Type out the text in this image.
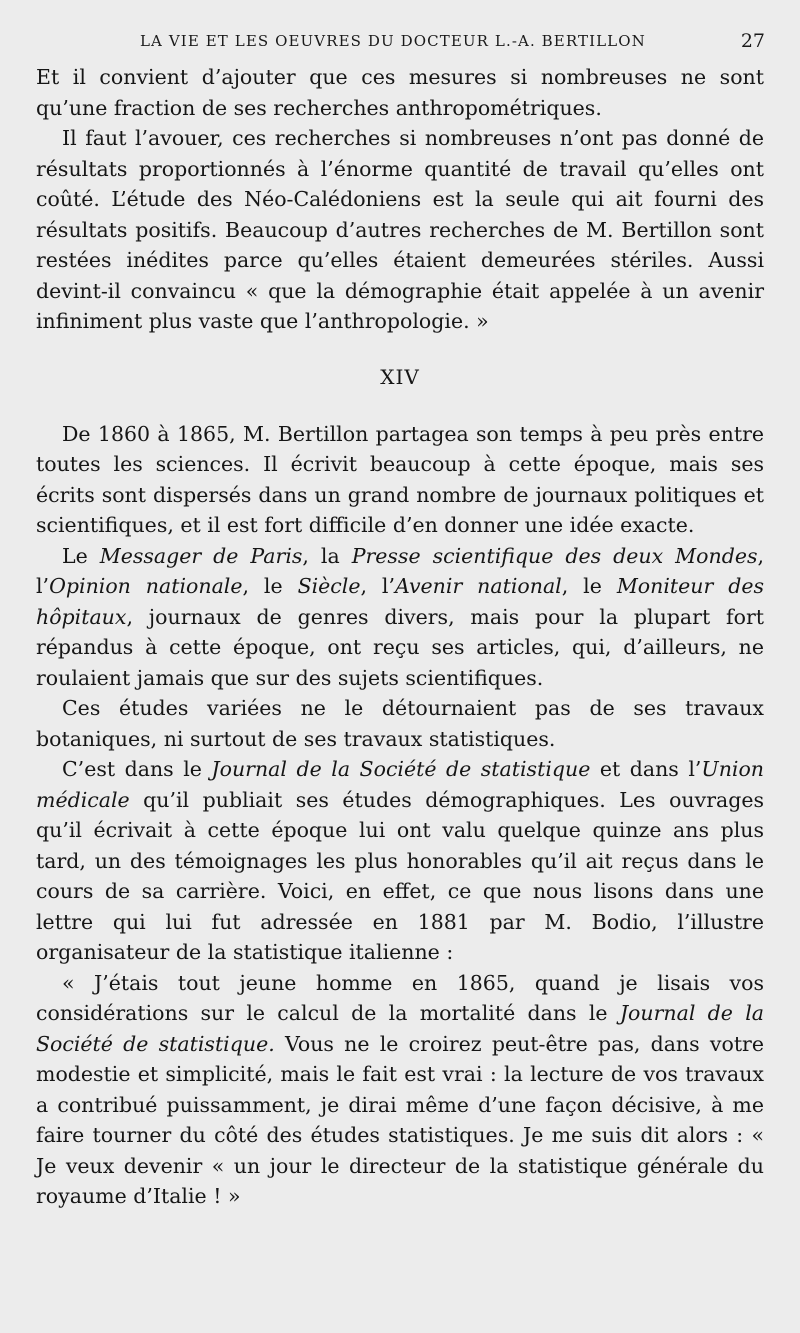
LA VIE ET LES OEUVRES DU DOCTEUR L.-A. BERTILLON	27

Et il convient d’ajouter que ces mesures si nombreuses ne sont qu’une fraction de ses recherches anthropométriques.

Il faut l’avouer, ces recherches si nombreuses n’ont pas donné de résultats proportionnés à l’énorme quantité de travail qu’elles ont coûté. L’étude des Néo-Calédoniens est la seule qui ait fourni des résultats positifs. Beaucoup d’autres recherches de M. Bertillon sont restées inédites parce qu’elles étaient demeurées stériles. Aussi devint-il convaincu « que la démographie était appelée à un avenir infiniment plus vaste que l’anthropologie. »

XIV

De 1860 à 1865, M. Bertillon partagea son temps à peu près entre toutes les sciences. Il écrivit beaucoup à cette époque, mais ses écrits sont dispersés dans un grand nombre de journaux politiques et scientifiques, et il est fort difficile d’en donner une idée exacte.

Le Messager de Paris, la Presse scientifique des deux Mondes, l’Opinion nationale, le Siècle, l’Avenir national, le Moniteur des hôpitaux, journaux de genres divers, mais pour la plupart fort répandus à cette époque, ont reçu ses articles, qui, d’ailleurs, ne roulaient jamais que sur des sujets scientifiques.

Ces études variées ne le détournaient pas de ses travaux botaniques, ni surtout de ses travaux statistiques.

C’est dans le Journal de la Société de statistique et dans l’Union médicale qu’il publiait ses études démographiques. Les ouvrages qu’il écrivait à cette époque lui ont valu quelque quinze ans plus tard, un des témoignages les plus honorables qu’il ait reçus dans le cours de sa carrière. Voici, en effet, ce que nous lisons dans une lettre qui lui fut adressée en 1881 par M. Bodio, l’illustre organisateur de la statistique italienne :

« J’étais tout jeune homme en 1865, quand je lisais vos considérations sur le calcul de la mortalité dans le Journal de la Société de statistique. Vous ne le croirez peut-être pas, dans votre modestie et simplicité, mais le fait est vrai : la lecture de vos travaux a contribué puissamment, je dirai même d’une façon décisive, à me faire tourner du côté des études statistiques. Je me suis dit alors : « Je veux devenir « un jour le directeur de la statistique générale du royaume d’Italie ! »
